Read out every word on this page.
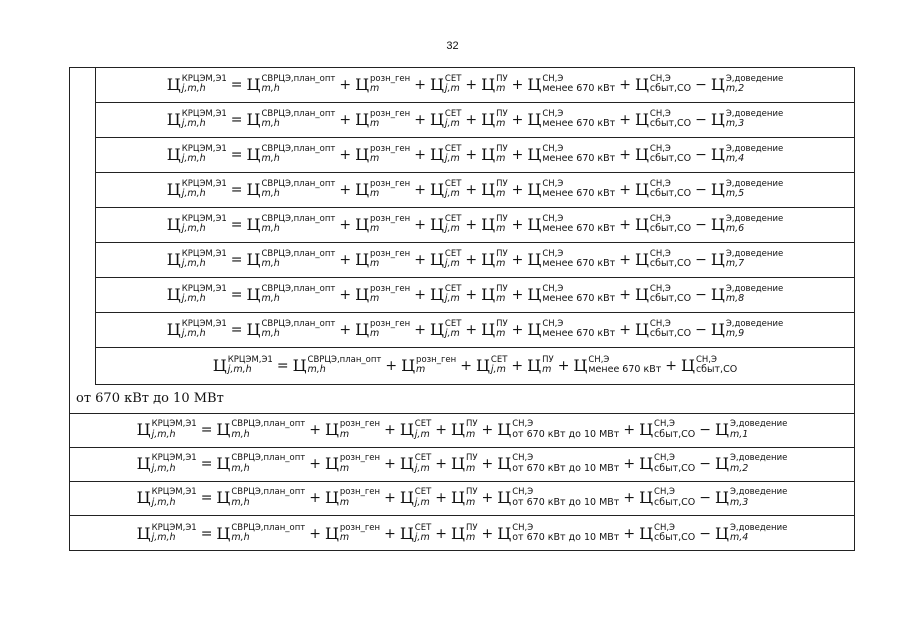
32
Ц КРЦЭМ,Э1
j,m,h	= Ц СВРЦЭ,план_опт
m,h	+ Ц розн_ген
m	+ Ц СЕТ
j,m + Ц ПУ
m + Ц СН,Э
менее 670 кВт + Ц СН,Э
сбыт,СО − Ц Э,доведение
m,2
Ц КРЦЭМ,Э1
j,m,h	= Ц СВРЦЭ,план_опт
m,h	+ Ц розн_ген
m	+ Ц СЕТ
j,m + Ц ПУ
m + Ц СН,Э
менее 670 кВт + Ц СН,Э
сбыт,СО − Ц Э,доведение
m,3
Ц КРЦЭМ,Э1
j,m,h	= Ц СВРЦЭ,план_опт
m,h	+ Ц розн_ген
m	+ Ц СЕТ
j,m + Ц ПУ
m + Ц СН,Э
менее 670 кВт + Ц СН,Э
сбыт,СО − Ц Э,доведение
m,4
Ц КРЦЭМ,Э1
j,m,h	= Ц СВРЦЭ,план_опт
m,h	+ Ц розн_ген
m	+ Ц СЕТ
j,m + Ц ПУ
m + Ц СН,Э
менее 670 кВт + Ц СН,Э
сбыт,СО − Ц Э,доведение
m,5
Ц КРЦЭМ,Э1
j,m,h	= Ц СВРЦЭ,план_опт
m,h	+ Ц розн_ген
m	+ Ц СЕТ
j,m + Ц ПУ
m + Ц СН,Э
менее 670 кВт + Ц СН,Э
сбыт,СО − Ц Э,доведение
m,6
Ц КРЦЭМ,Э1
j,m,h	= Ц СВРЦЭ,план_опт
m,h	+ Ц розн_ген
m	+ Ц СЕТ
j,m + Ц ПУ
m + Ц СН,Э
менее 670 кВт + Ц СН,Э
сбыт,СО − Ц Э,доведение
m,7
Ц КРЦЭМ,Э1
j,m,h	= Ц СВРЦЭ,план_опт
m,h	+ Ц розн_ген
m	+ Ц СЕТ
j,m + Ц ПУ
m + Ц СН,Э
менее 670 кВт + Ц СН,Э
сбыт,СО − Ц Э,доведение
m,8
Ц КРЦЭМ,Э1
j,m,h	= Ц СВРЦЭ,план_опт
m,h	+ Ц розн_ген
m	+ Ц СЕТ
j,m + Ц ПУ
m + Ц СН,Э
менее 670 кВт + Ц СН,Э
сбыт,СО − Ц Э,доведение
m,9
Ц КРЦЭМ,Э1
j,m,h	= Ц СВРЦЭ,план_опт
m,h	+ Ц розн_ген
m	+ Ц СЕТ
j,m + Ц ПУ
m + Ц СН,Э
менее 670 кВт + Ц СН,Э
сбыт,СО
Ц КРЦЭМ,Э1
j,m,h	= Ц СВРЦЭ,план_опт
m,h	+ Ц розн_ген
m	+ Ц СЕТ
j,m + Ц ПУ
m + Ц СН,Э
от 670 кВт до 10 МВт + Ц СН,Э
сбыт,СО − Ц Э,доведение
m,1
Ц КРЦЭМ,Э1
j,m,h	= Ц СВРЦЭ,план_опт
m,h	+ Ц розн_ген
m	+ Ц СЕТ
j,m + Ц ПУ
m + Ц СН,Э
от 670 кВт до 10 МВт + Ц СН,Э
сбыт,СО − Ц Э,доведение
m,2
Ц КРЦЭМ,Э1
j,m,h	= Ц СВРЦЭ,план_опт
m,h	+ Ц розн_ген
m	+ Ц СЕТ
j,m + Ц ПУ
m + Ц СН,Э
от 670 кВт до 10 МВт + Ц СН,Э
сбыт,СО − Ц Э,доведение
m,3
Ц КРЦЭМ,Э1
j,m,h	= Ц СВРЦЭ,план_опт
m,h	+ Ц розн_ген
m	+ Ц СЕТ
j,m + Ц ПУ
m + Ц СН,Э
от 670 кВт до 10 МВт + Ц СН,Э
сбыт,СО − Ц Э,доведение
m,4
от 670 кВт до 10 МВт
